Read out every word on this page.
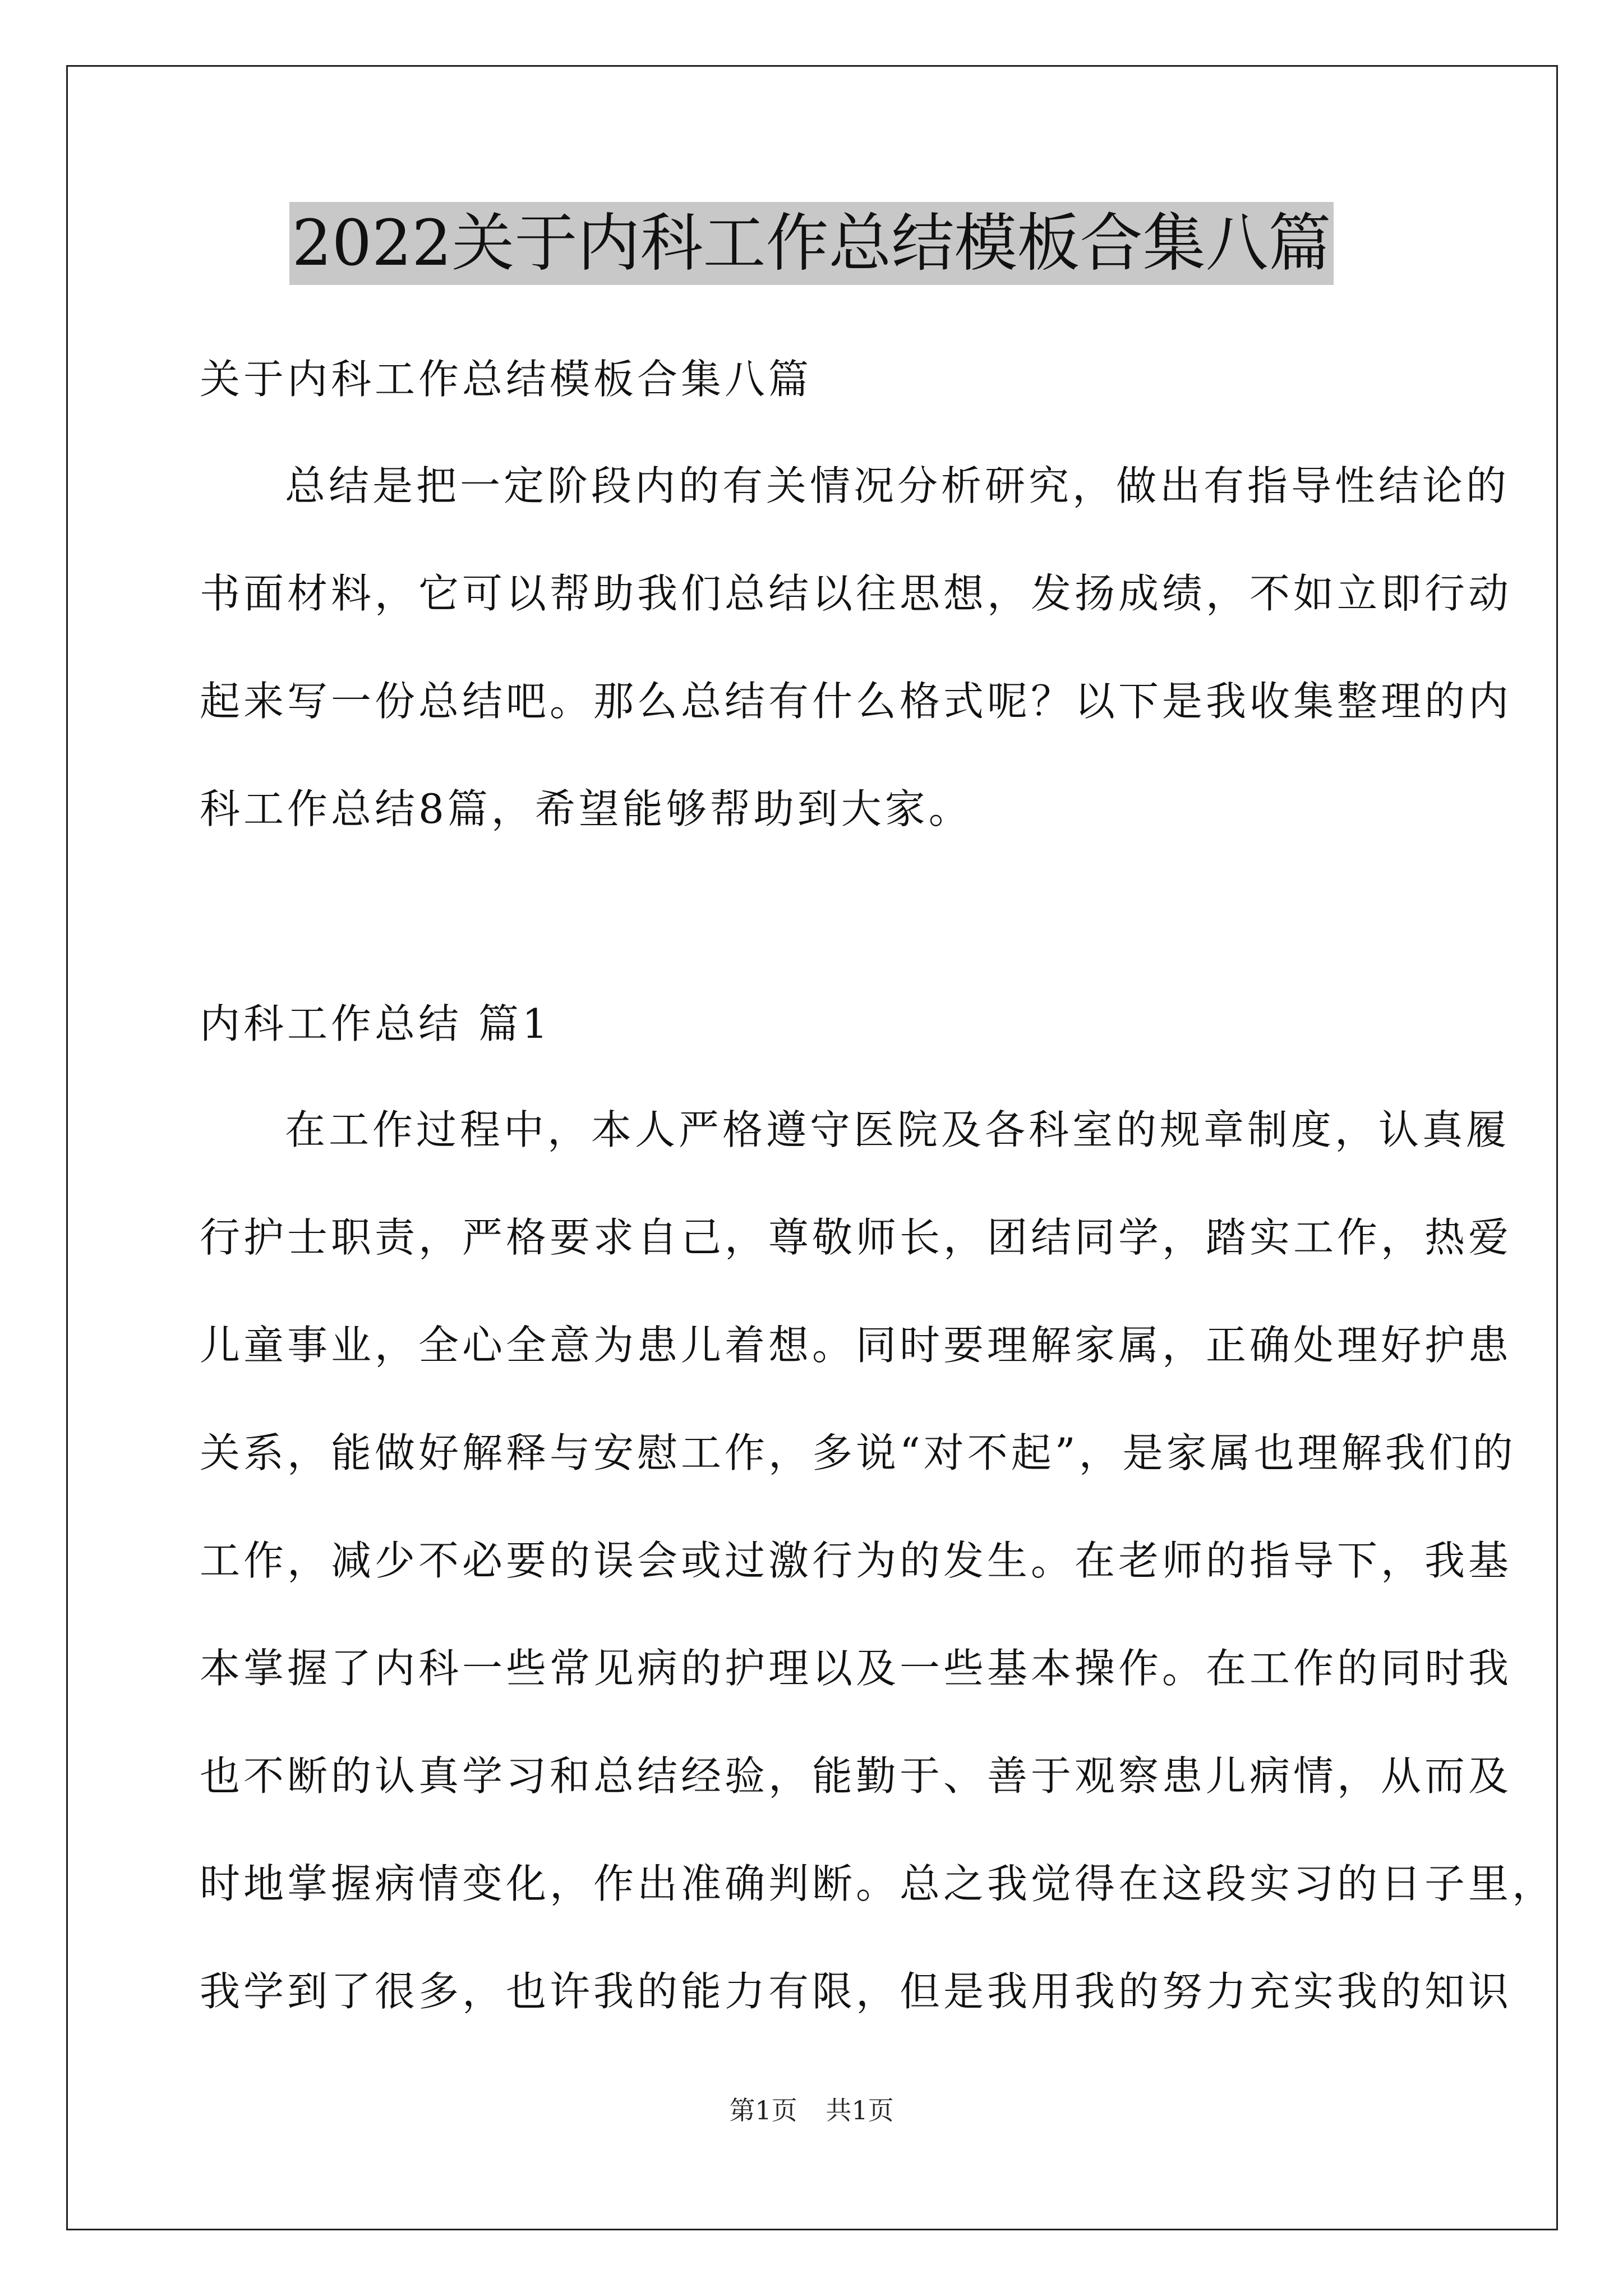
2022关于内科工作总结模板合集八篇
关于内科工作总结模板合集八篇
总结是把一定阶段内的有关情况分析研究，做出有指导性结论的
书面材料，它可以帮助我们总结以往思想，发扬成绩，不如立即行动
起来写一份总结吧。那么总结有什么格式呢？以下是我收集整理的内
科工作总结8篇，希望能够帮助到大家。
内科工作总结 篇1
在工作过程中，本人严格遵守医院及各科室的规章制度，认真履
行护士职责，严格要求自己，尊敬师长，团结同学，踏实工作，热爱
儿童事业，全心全意为患儿着想。同时要理解家属，正确处理好护患
关系，能做好解释与安慰工作，多说“对不起”，是家属也理解我们的
工作，减少不必要的误会或过激行为的发生。在老师的指导下，我基
本掌握了内科一些常见病的护理以及一些基本操作。在工作的同时我
也不断的认真学习和总结经验，能勤于、善于观察患儿病情，从而及
时地掌握病情变化，作出准确判断。总之我觉得在这段实习的日子里，
我学到了很多，也许我的能力有限，但是我用我的努力充实我的知识
第1页 共1页
